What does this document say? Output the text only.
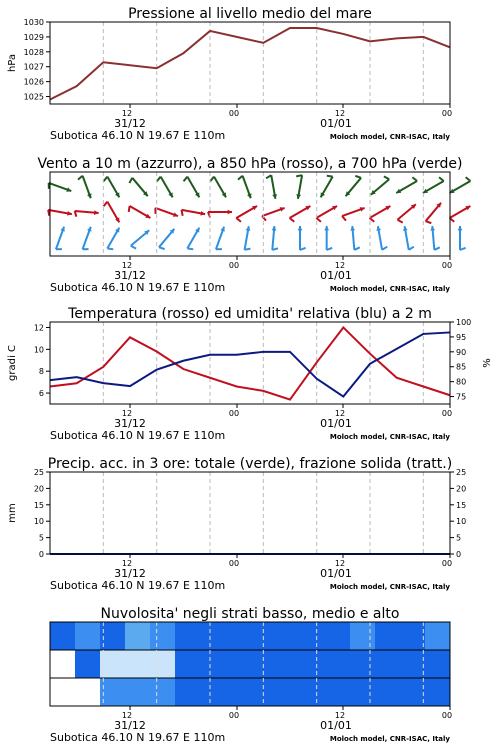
Pressione al livello medio del mare
1025
1026
1027
1028
1029
1030
hPa
12	00	12	00
31/12	01/01
Subotica 46.10 N 19.67 E 110m	Moloch model, CNR-ISAC, Italy
Vento a 10 m (azzurro), a 850 hPa (rosso), a 700 hPa (verde)
12	00	12	00
31/12	01/01
Subotica 46.10 N 19.67 E 110m	Moloch model, CNR-ISAC, Italy
Temperatura (rosso) ed umidita' relativa (blu) a 2 m
6
8
10
12
75
80
85
90
95
100
gradi C	%
12	00	12	00
31/12	01/01
Subotica 46.10 N 19.67 E 110m	Moloch model, CNR-ISAC, Italy
Precip. acc. in 3 ore: totale (verde), frazione solida (tratt.)
0
5
10
15
20
25
0
5
10
15
20
25
mm
12	00	12	00
31/12	01/01
Subotica 46.10 N 19.67 E 110m	Moloch model, CNR-ISAC, Italy
Nuvolosita' negli strati basso, medio e alto
12	00	12	00
31/12	01/01
Subotica 46.10 N 19.67 E 110m	Moloch model, CNR-ISAC, Italy
